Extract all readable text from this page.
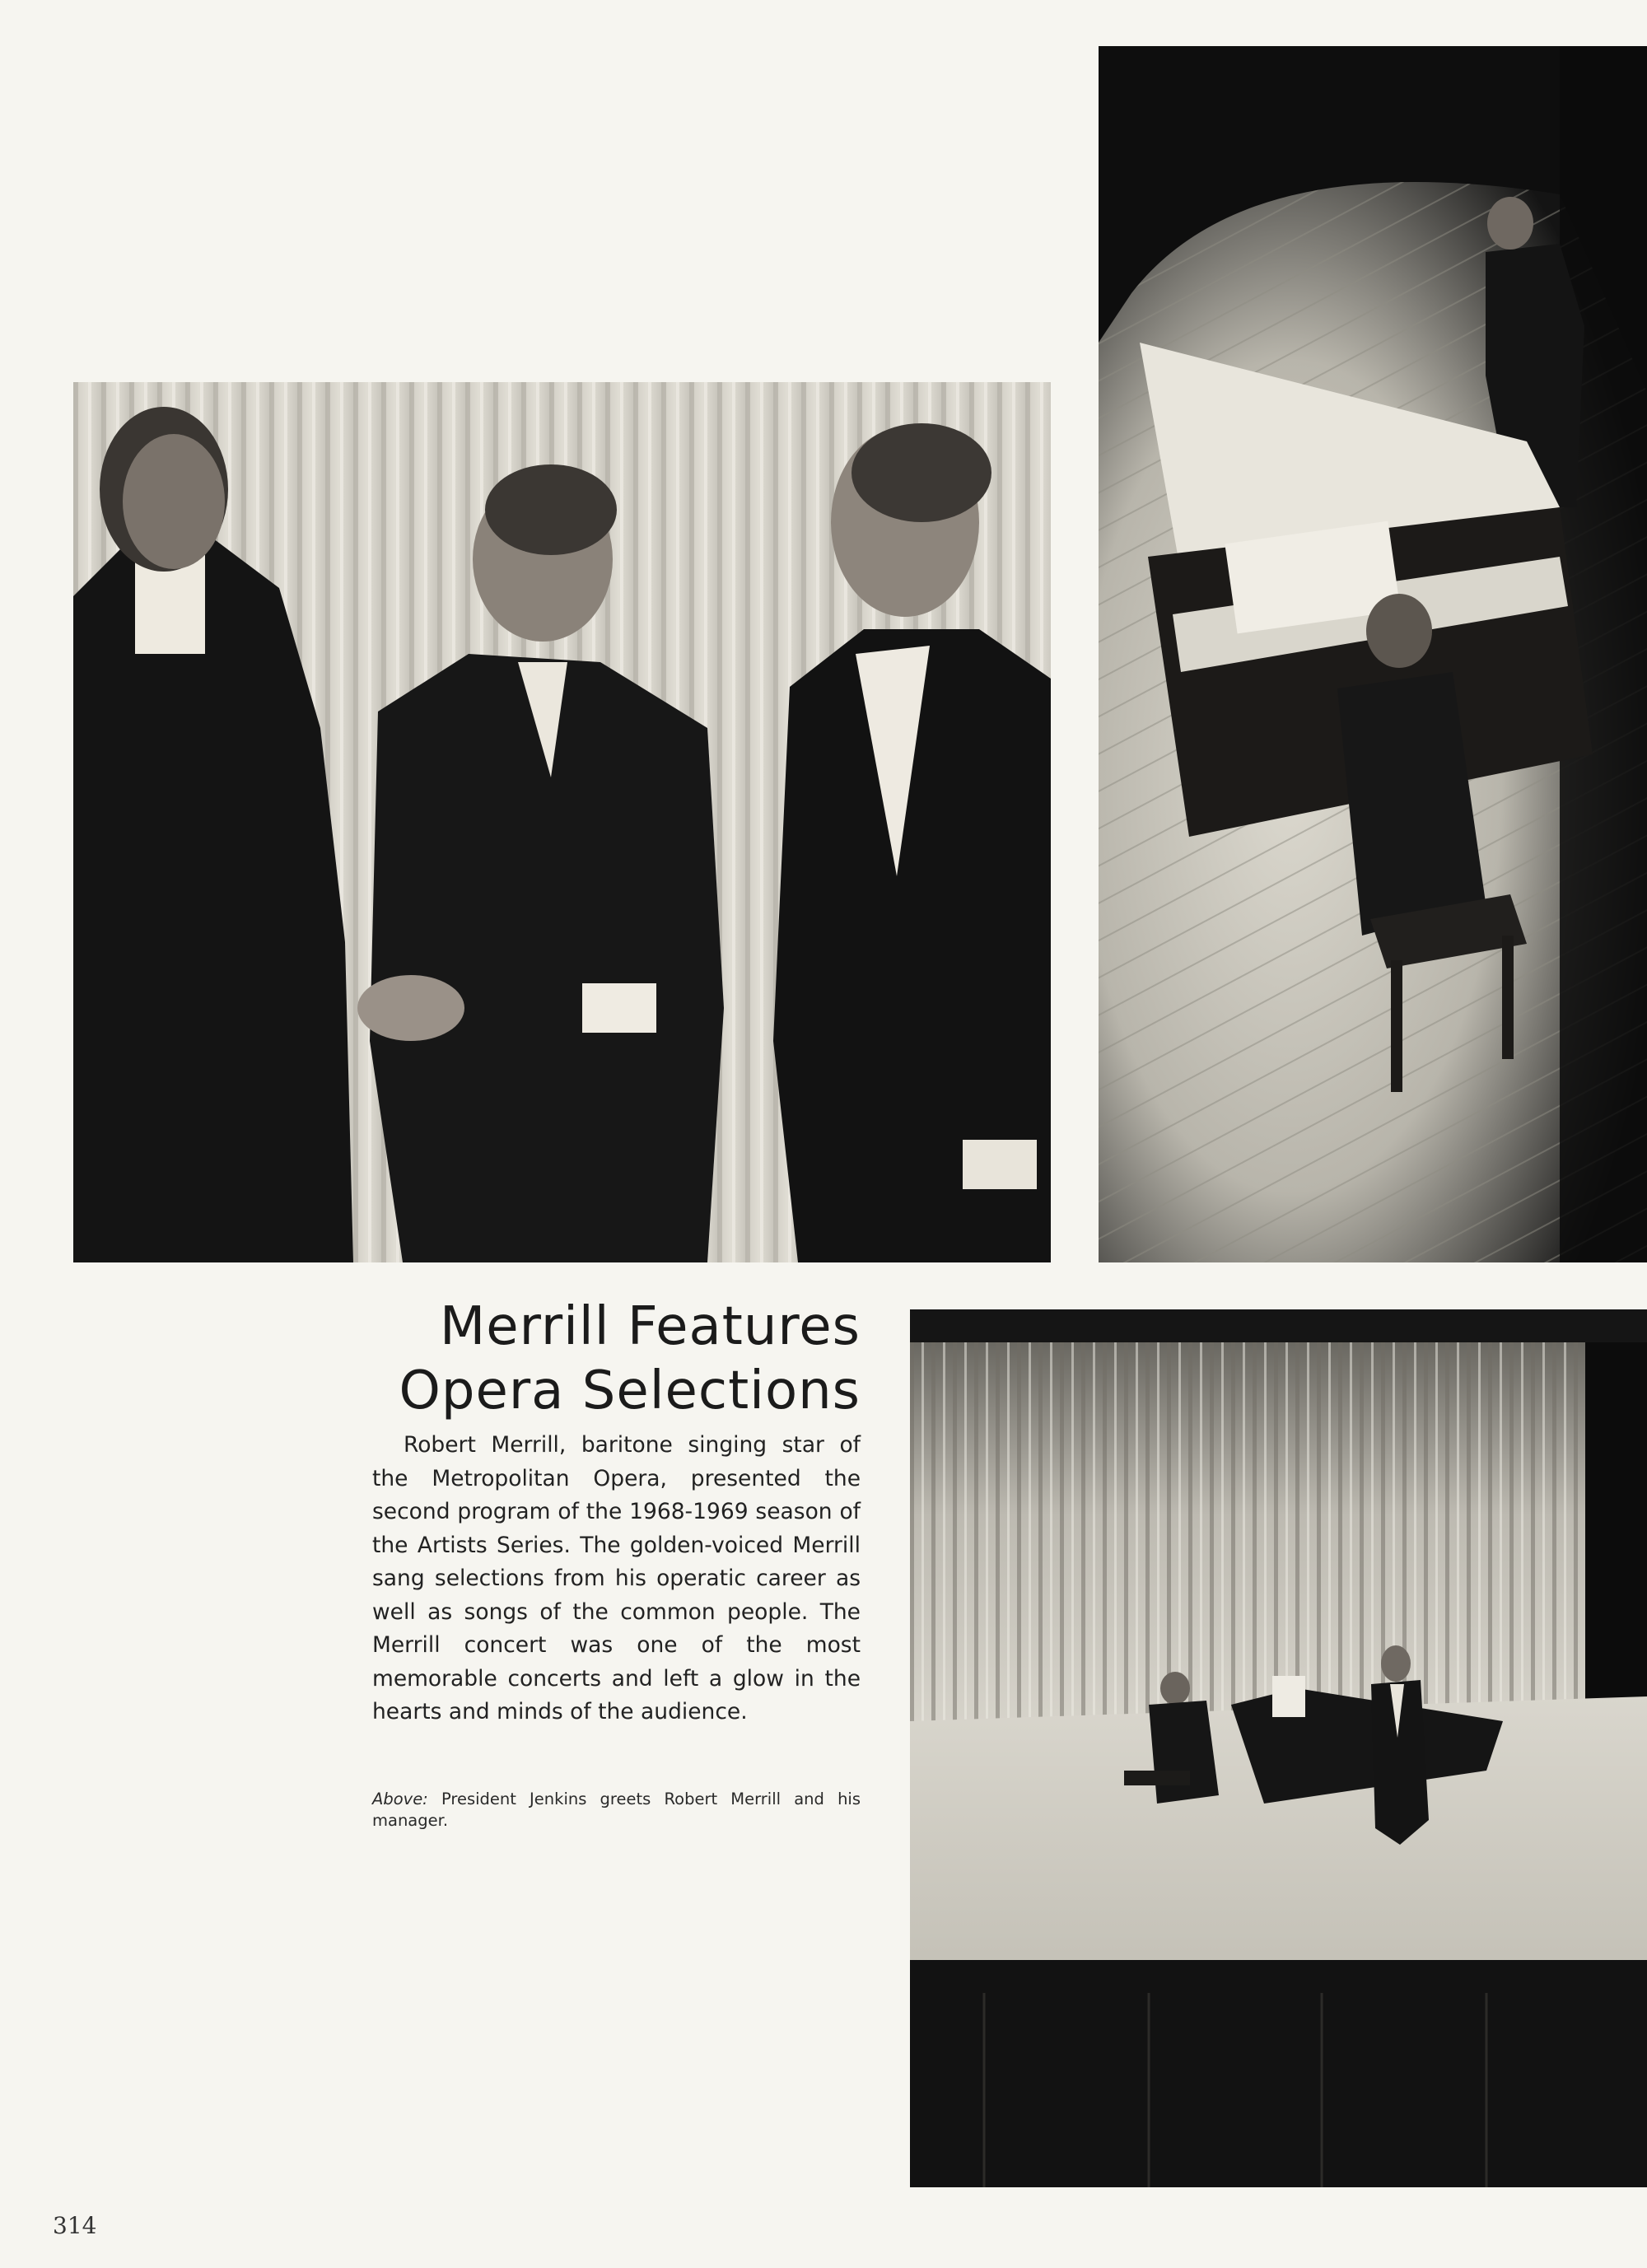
Merrill Features
Opera Selections

Robert Merrill, baritone singing star of the Metropolitan Opera, presented the second program of the 1968-1969 season of the Artists Series. The golden-voiced Merrill sang selections from his operatic career as well as songs of the common people. The Merrill concert was one of the most memorable concerts and left a glow in the hearts and minds of the audience.

Above: President Jenkins greets Robert Merrill and his manager.

314
